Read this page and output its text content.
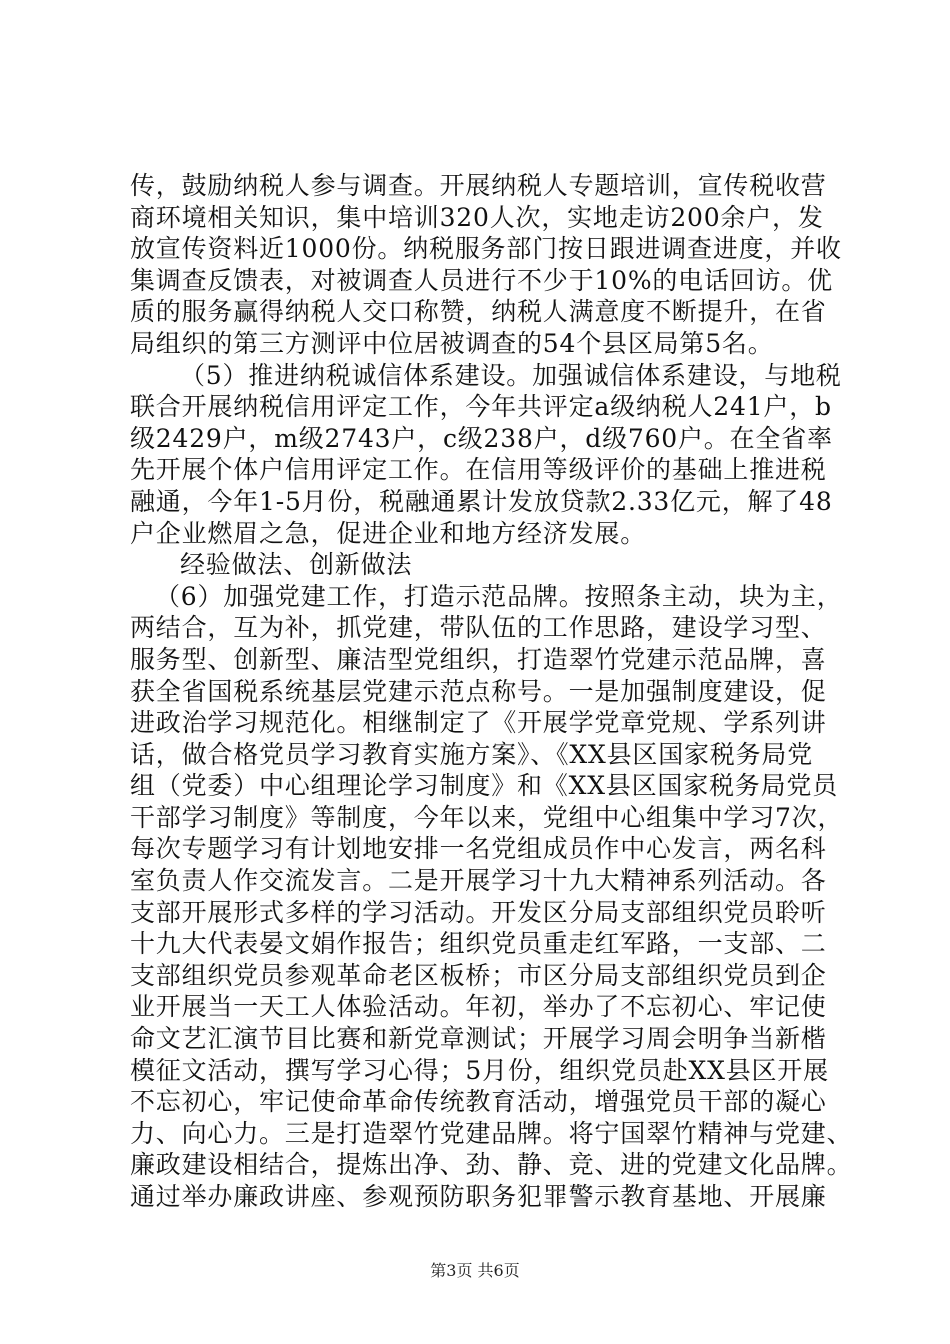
传，鼓励纳税人参与调查。开展纳税人专题培训，宣传税收营
商环境相关知识，集中培训320人次，实地走访200余户，发
放宣传资料近1000份。纳税服务部门按日跟进调查进度，并收
集调查反馈表，对被调查人员进行不少于10%的电话回访。优
质的服务赢得纳税人交口称赞，纳税人满意度不断提升，在省
局组织的第三方测评中位居被调查的54个县区局第5名。
（5）推进纳税诚信体系建设。加强诚信体系建设，与地税
联合开展纳税信用评定工作，今年共评定a级纳税人241户，b
级2429户，m级2743户，c级238户，d级760户。在全省率
先开展个体户信用评定工作。在信用等级评价的基础上推进税
融通，今年1-5月份，税融通累计发放贷款2.33亿元，解了48
户企业燃眉之急，促进企业和地方经济发展。
经验做法、创新做法
（6）加强党建工作，打造示范品牌。按照条主动，块为主，
两结合，互为补，抓党建，带队伍的工作思路，建设学习型、
服务型、创新型、廉洁型党组织，打造翠竹党建示范品牌，喜
获全省国税系统基层党建示范点称号。一是加强制度建设，促
进政治学习规范化。相继制定了《开展学党章党规、学系列讲
话，做合格党员学习教育实施方案》、《XX县区国家税务局党
组（党委）中心组理论学习制度》和《XX县区国家税务局党员
干部学习制度》等制度，今年以来，党组中心组集中学习7次，
每次专题学习有计划地安排一名党组成员作中心发言，两名科
室负责人作交流发言。二是开展学习十九大精神系列活动。各
支部开展形式多样的学习活动。开发区分局支部组织党员聆听
十九大代表晏文娟作报告；组织党员重走红军路，一支部、二
支部组织党员参观革命老区板桥；市区分局支部组织党员到企
业开展当一天工人体验活动。年初，举办了不忘初心、牢记使
命文艺汇演节目比赛和新党章测试；开展学习周会明争当新楷
模征文活动，撰写学习心得；5月份，组织党员赴XX县区开展
不忘初心，牢记使命革命传统教育活动，增强党员干部的凝心
力、向心力。三是打造翠竹党建品牌。将宁国翠竹精神与党建、
廉政建设相结合，提炼出净、劲、静、竞、进的党建文化品牌。
通过举办廉政讲座、参观预防职务犯罪警示教育基地、开展廉
第3页 共6页
